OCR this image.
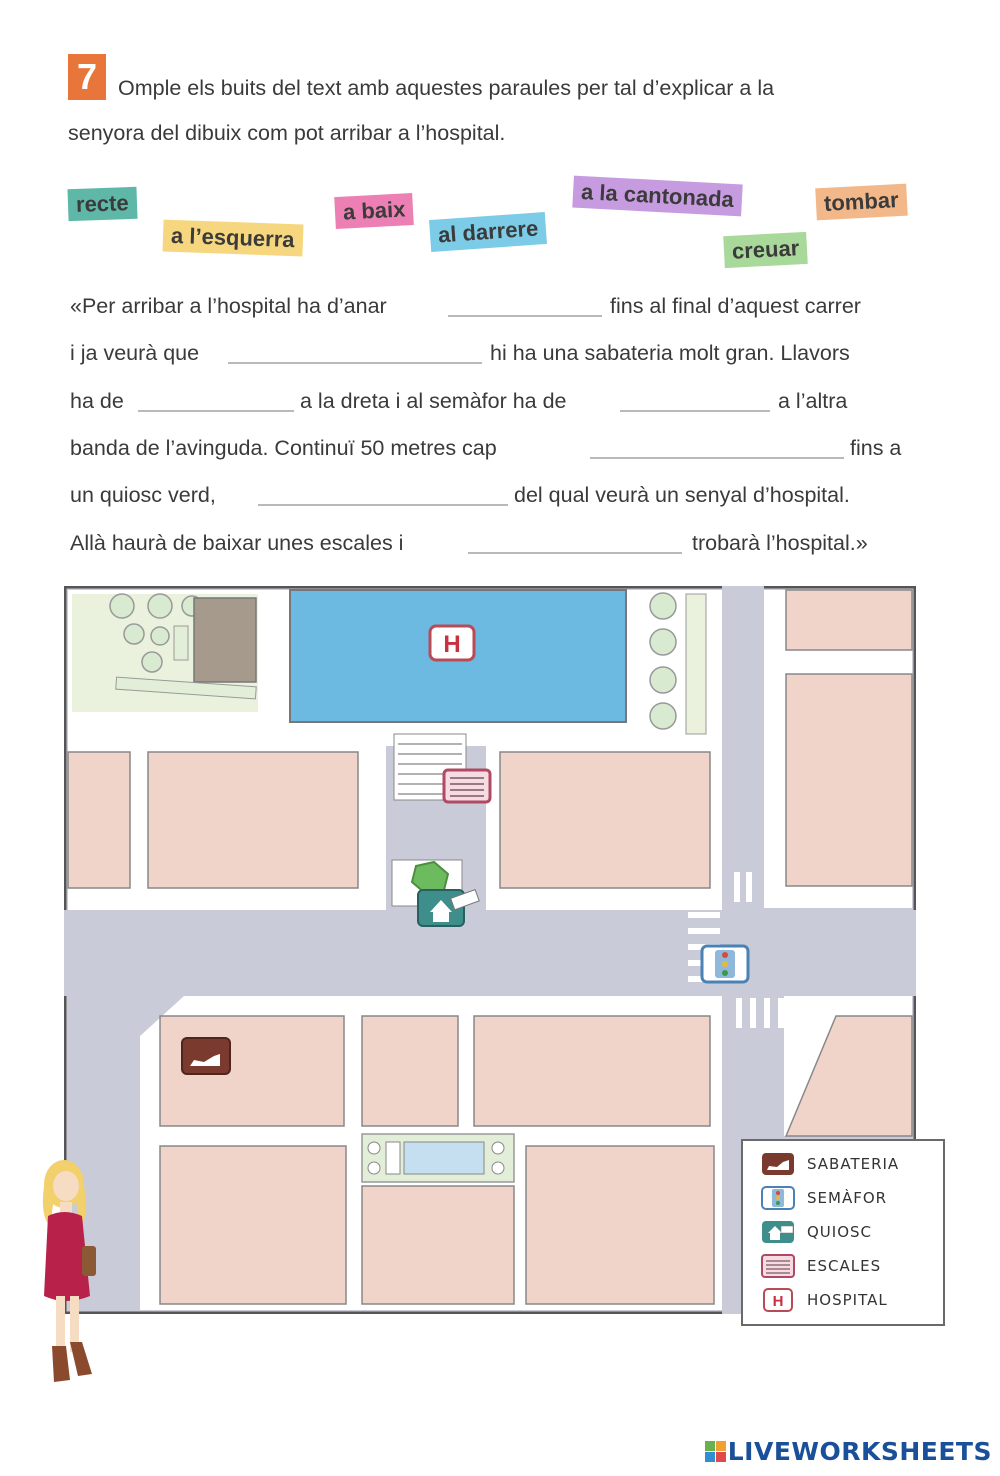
7 Omple els buits del text amb aquestes paraules per tal d’explicar a la
senyora del dibuix com pot arribar a l’hospital.
recte
a l’esquerra
a baix
al darrere
a la cantonada
creuar
tombar
«Per arribar a l’hospital ha d’anar	fins al final d’aquest carrer
i ja veurà que	hi ha una sabateria molt gran. Llavors
ha de	a la dreta i al semàfor ha de	a l’altra
banda de l’avinguda. Continuï 50 metres cap	fins a
un quiosc verd,	del qual veurà un senyal d’hospital.
Allà haurà de baixar unes escales i	trobarà l’hospital.»
H
SABATERIA
SEMÀFOR
QUIOSC
ESCALES
H HOSPITAL
LIVEWORKSHEETS
